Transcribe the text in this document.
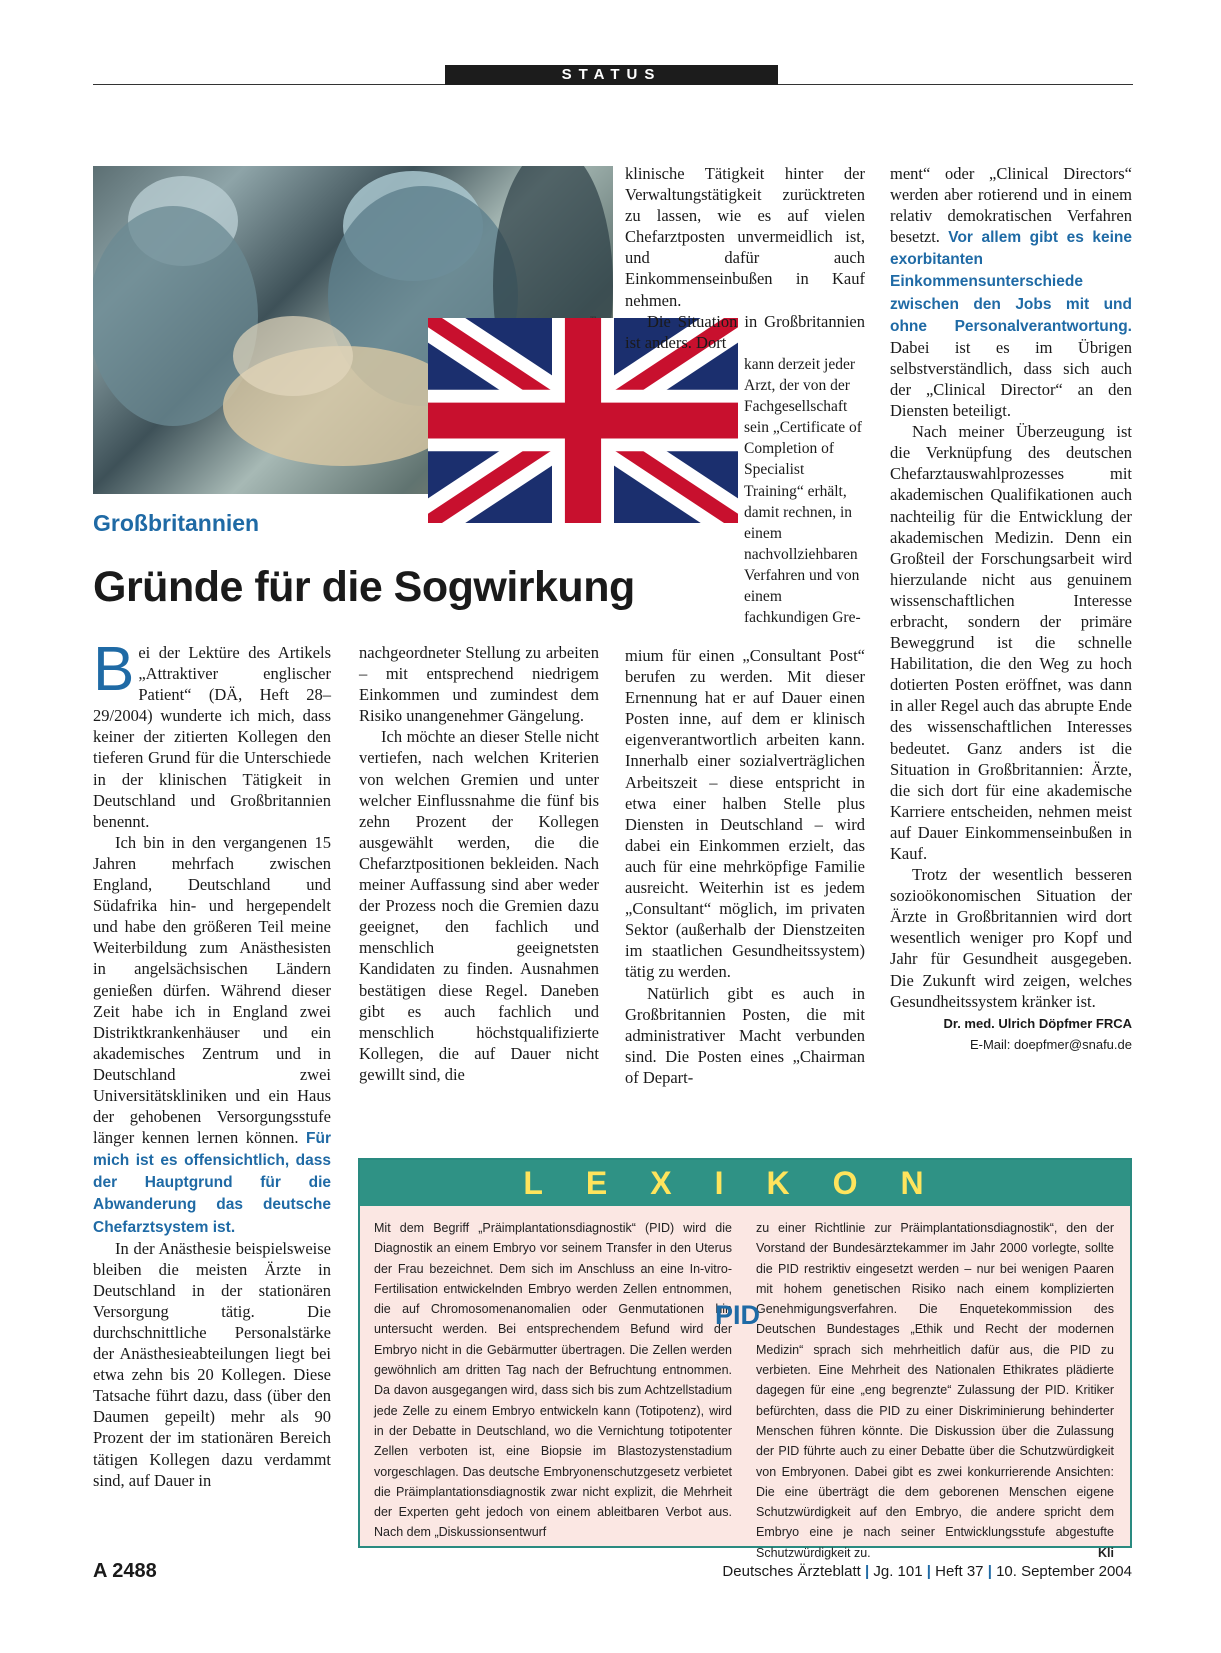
STATUS
Großbritannien
Gründe für die Sogwirkung

Bei der Lektüre des Artikels „Attraktiver englischer Patient“ (DÄ, Heft 28–29/2004) wunderte ich mich, dass keiner der zitierten Kollegen den tieferen Grund für die Unterschiede in der klinischen Tätigkeit in Deutschland und Großbritannien benennt.

Ich bin in den vergangenen 15 Jahren mehrfach zwischen England, Deutschland und Südafrika hin- und hergependelt und habe den größeren Teil meine Weiterbildung zum Anästhesisten in angelsächsischen Ländern genießen dürfen. Während dieser Zeit habe ich in England zwei Distriktkrankenhäuser und ein akademisches Zentrum und in Deutschland zwei Universitätskliniken und ein Haus der gehobenen Versorgungsstufe länger kennen lernen können. Für mich ist es offensichtlich, dass der Hauptgrund für die Abwanderung das deutsche Chefarztsystem ist.

In der Anästhesie beispielsweise bleiben die meisten Ärzte in Deutschland in der stationären Versorgung tätig. Die durchschnittliche Personalstärke der Anästhesieabteilungen liegt bei etwa zehn bis 20 Kollegen. Diese Tatsache führt dazu, dass (über den Daumen gepeilt) mehr als 90 Prozent der im stationären Bereich tätigen Kollegen dazu verdammt sind, auf Dauer in

nachgeordneter Stellung zu arbeiten – mit entsprechend niedrigem Einkommen und zumindest dem Risiko unangenehmer Gängelung.

Ich möchte an dieser Stelle nicht vertiefen, nach welchen Kriterien von welchen Gremien und unter welcher Einflussnahme die fünf bis zehn Prozent der Kollegen ausgewählt werden, die die Chefarztpositionen bekleiden. Nach meiner Auffassung sind aber weder der Prozess noch die Gremien dazu geeignet, den fachlich und menschlich geeignetsten Kandidaten zu finden. Ausnahmen bestätigen diese Regel. Daneben gibt es auch fachlich und menschlich höchstqualifizierte Kollegen, die auf Dauer nicht gewillt sind, die

klinische Tätigkeit hinter der Verwaltungstätigkeit zurücktreten zu lassen, wie es auf vielen Chefarztposten unvermeidlich ist, und dafür auch Einkommenseinbußen in Kauf nehmen.

Die Situation in Großbritannien ist anders. Dort

kann derzeit jeder Arzt, der von der Fachgesellschaft sein „Certificate of Completion of Specialist Training“ erhält, damit rechnen, in einem nachvollziehbaren Verfahren und von einem fachkundigen Gre-

mium für einen „Consultant Post“ berufen zu werden. Mit dieser Ernennung hat er auf Dauer einen Posten inne, auf dem er klinisch eigenverantwortlich arbeiten kann. Innerhalb einer sozialverträglichen Arbeitszeit – diese entspricht in etwa einer halben Stelle plus Diensten in Deutschland – wird dabei ein Einkommen erzielt, das auch für eine mehrköpfige Familie ausreicht. Weiterhin ist es jedem „Consultant“ möglich, im privaten Sektor (außerhalb der Dienstzeiten im staatlichen Gesundheitssystem) tätig zu werden.

Natürlich gibt es auch in Großbritannien Posten, die mit administrativer Macht verbunden sind. Die Posten eines „Chairman of Depart-

ment“ oder „Clinical Directors“ werden aber rotierend und in einem relativ demokratischen Verfahren besetzt. Vor allem gibt es keine exorbitanten Einkommensunterschiede zwischen den Jobs mit und ohne Personalverantwortung. Dabei ist es im Übrigen selbstverständlich, dass sich auch der „Clinical Director“ an den Diensten beteiligt.

Nach meiner Überzeugung ist die Verknüpfung des deutschen Chefarztauswahlprozesses mit akademischen Qualifikationen auch nachteilig für die Entwicklung der akademischen Medizin. Denn ein Großteil der Forschungsarbeit wird hierzulande nicht aus genuinem wissenschaftlichen Interesse erbracht, sondern der primäre Beweggrund ist die schnelle Habilitation, die den Weg zu hoch dotierten Posten eröffnet, was dann in aller Regel auch das abrupte Ende des wissenschaftlichen Interesses bedeutet. Ganz anders ist die Situation in Großbritannien: Ärzte, die sich dort für eine akademische Karriere entscheiden, nehmen meist auf Dauer Einkommenseinbußen in Kauf.

Trotz der wesentlich besseren sozioökonomischen Situation der Ärzte in Großbritannien wird dort wesentlich weniger pro Kopf und Jahr für Gesundheit ausgegeben. Die Zukunft wird zeigen, welches Gesundheitssystem kränker ist.

Dr. med. Ulrich Döpfmer FRCA

E-Mail: doepfmer@snafu.de

LEXIKON
Mit dem Begriff „Präimplantationsdiagnostik“ (PID) wird die Diagnostik an einem Embryo vor seinem Transfer in den Uterus der Frau bezeichnet. Dem sich im Anschluss an eine In-vitro-Fertilisation entwickelnden Embryo werden Zellen entnommen, die auf Chromosomenanomalien oder Genmutationen hin untersucht werden. Bei entsprechendem Befund wird der Embryo nicht in die Gebärmutter übertragen. Die Zellen werden gewöhnlich am dritten Tag nach der Befruchtung entnommen. Da davon ausgegangen wird, dass sich bis zum Achtzellstadium jede Zelle zu einem Embryo entwickeln kann (Totipotenz), wird in der Debatte in Deutschland, wo die Vernichtung totipotenter Zellen verboten ist, eine Biopsie im Blastozystenstadium vorgeschlagen. Das deutsche Embryonenschutzgesetz verbietet die Präimplantationsdiagnostik zwar nicht explizit, die Mehrheit der Experten geht jedoch von einem ableitbaren Verbot aus. Nach dem „Diskussionsentwurf
zu einer Richtlinie zur Präimplantationsdiagnostik“, den der Vorstand der Bundesärztekammer im Jahr 2000 vorlegte, sollte die PID restriktiv eingesetzt werden – nur bei wenigen Paaren mit hohem genetischen Risiko nach einem komplizierten Genehmigungsverfahren. Die Enquetekommission des Deutschen Bundestages „Ethik und Recht der modernen Medizin“ sprach sich mehrheitlich dafür aus, die PID zu verbieten. Eine Mehrheit des Nationalen Ethikrates plädierte dagegen für eine „eng begrenzte“ Zulassung der PID. Kritiker befürchten, dass die PID zu einer Diskriminierung behinderter Menschen führen könnte. Die Diskussion über die Zulassung der PID führte auch zu einer Debatte über die Schutzwürdigkeit von Embryonen. Dabei gibt es zwei konkurrierende Ansichten: Die eine überträgt die dem geborenen Menschen eigene Schutzwürdigkeit auf den Embryo, die andere spricht dem Embryo eine je nach seiner Entwicklungsstufe abgestufte Schutzwürdigkeit zu.	Kli
PID
A 2488	Deutsches Ärzteblatt | Jg. 101 | Heft 37 | 10. September 2004
